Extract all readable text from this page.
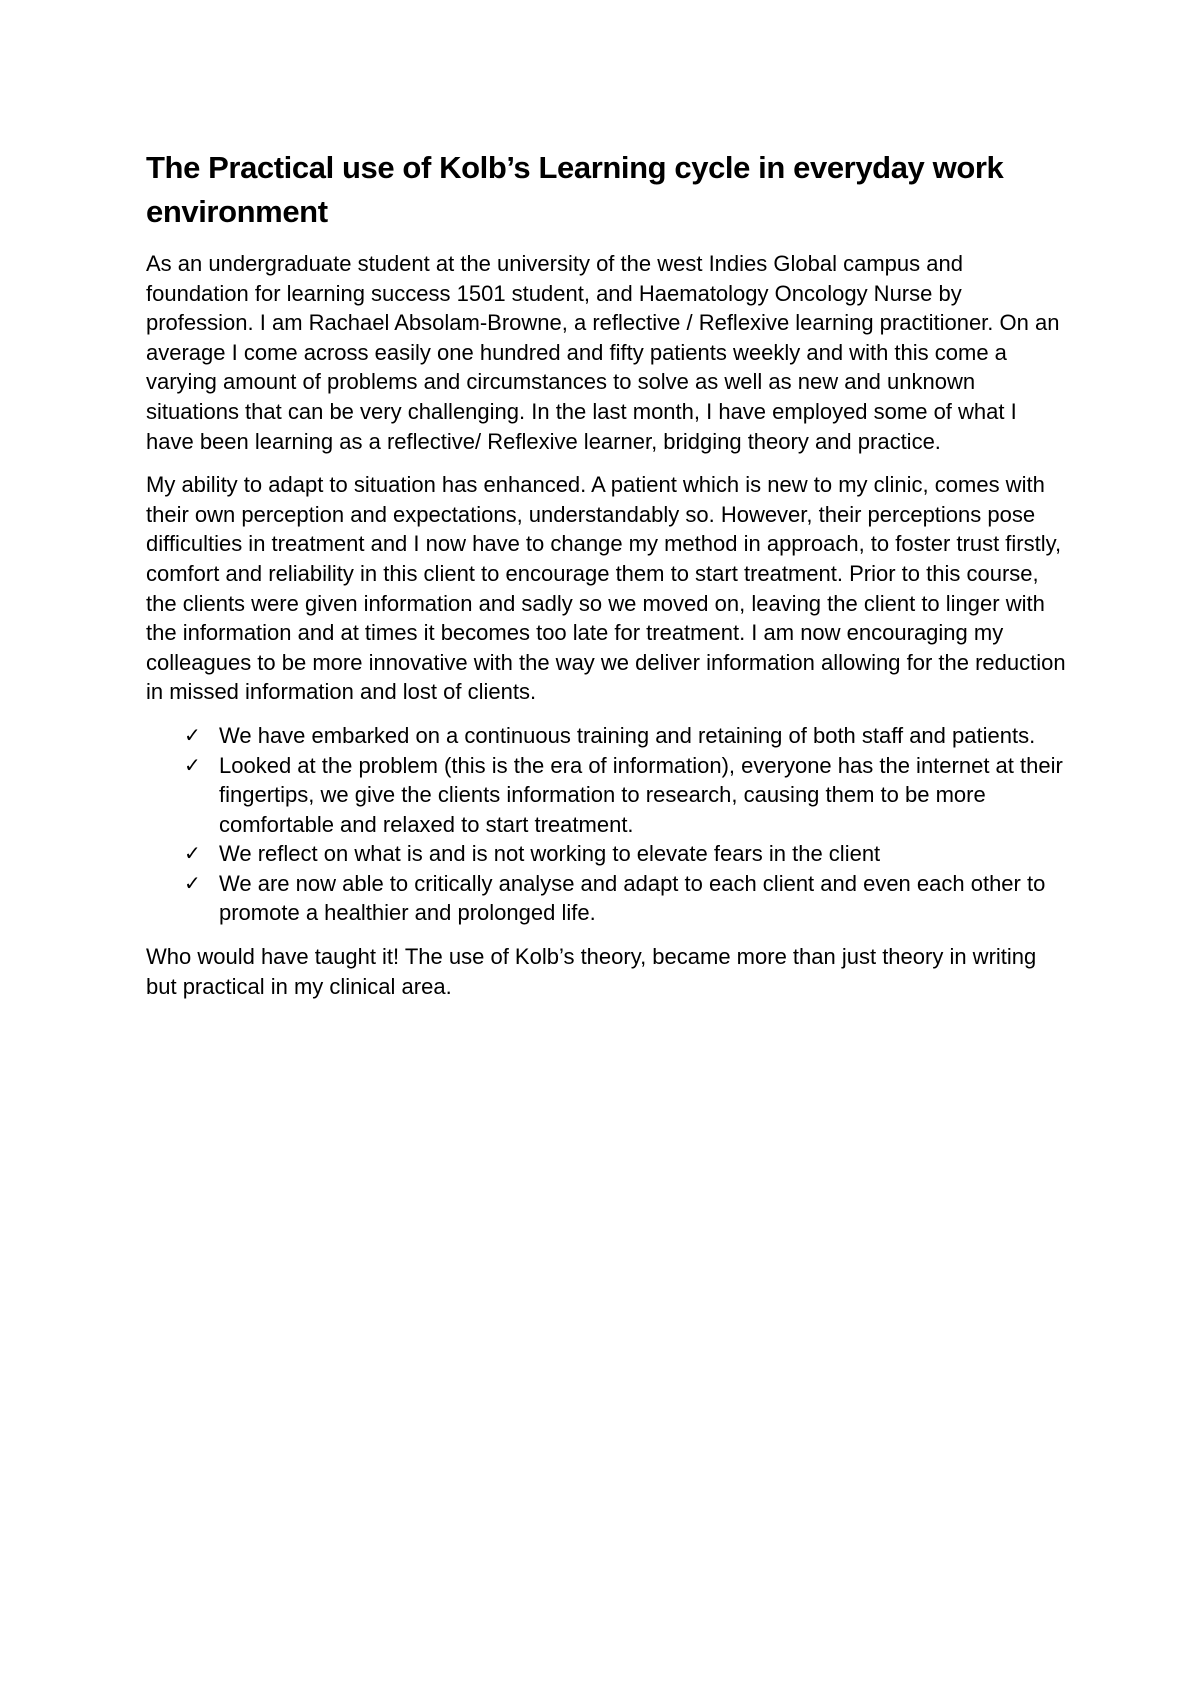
The Practical use of Kolb’s Learning cycle in everyday work environment

As an undergraduate student at the university of the west Indies Global campus and foundation for learning success 1501 student, and Haematology Oncology Nurse by profession. I am Rachael Absolam-Browne, a reflective / Reflexive learning practitioner. On an average I come across easily one hundred and fifty patients weekly and with this come a varying amount of problems and circumstances to solve as well as new and unknown situations that can be very challenging. In the last month, I have employed some of what I have been learning as a reflective/ Reflexive learner, bridging theory and practice.

My ability to adapt to situation has enhanced. A patient which is new to my clinic, comes with their own perception and expectations, understandably so. However, their perceptions pose difficulties in treatment and I now have to change my method in approach, to foster trust firstly, comfort and reliability in this client to encourage them to start treatment. Prior to this course, the clients were given information and sadly so we moved on, leaving the client to linger with the information and at times it becomes too late for treatment. I am now encouraging my colleagues to be more innovative with the way we deliver information allowing for the reduction in missed information and lost of clients.

✓ We have embarked on a continuous training and retaining of both staff and patients.
✓ Looked at the problem (this is the era of information), everyone has the internet at their fingertips, we give the clients information to research, causing them to be more comfortable and relaxed to start treatment.
✓ We reflect on what is and is not working to elevate fears in the client
✓ We are now able to critically analyse and adapt to each client and even each other to promote a healthier and prolonged life.

Who would have taught it! The use of Kolb’s theory, became more than just theory in writing but practical in my clinical area.
